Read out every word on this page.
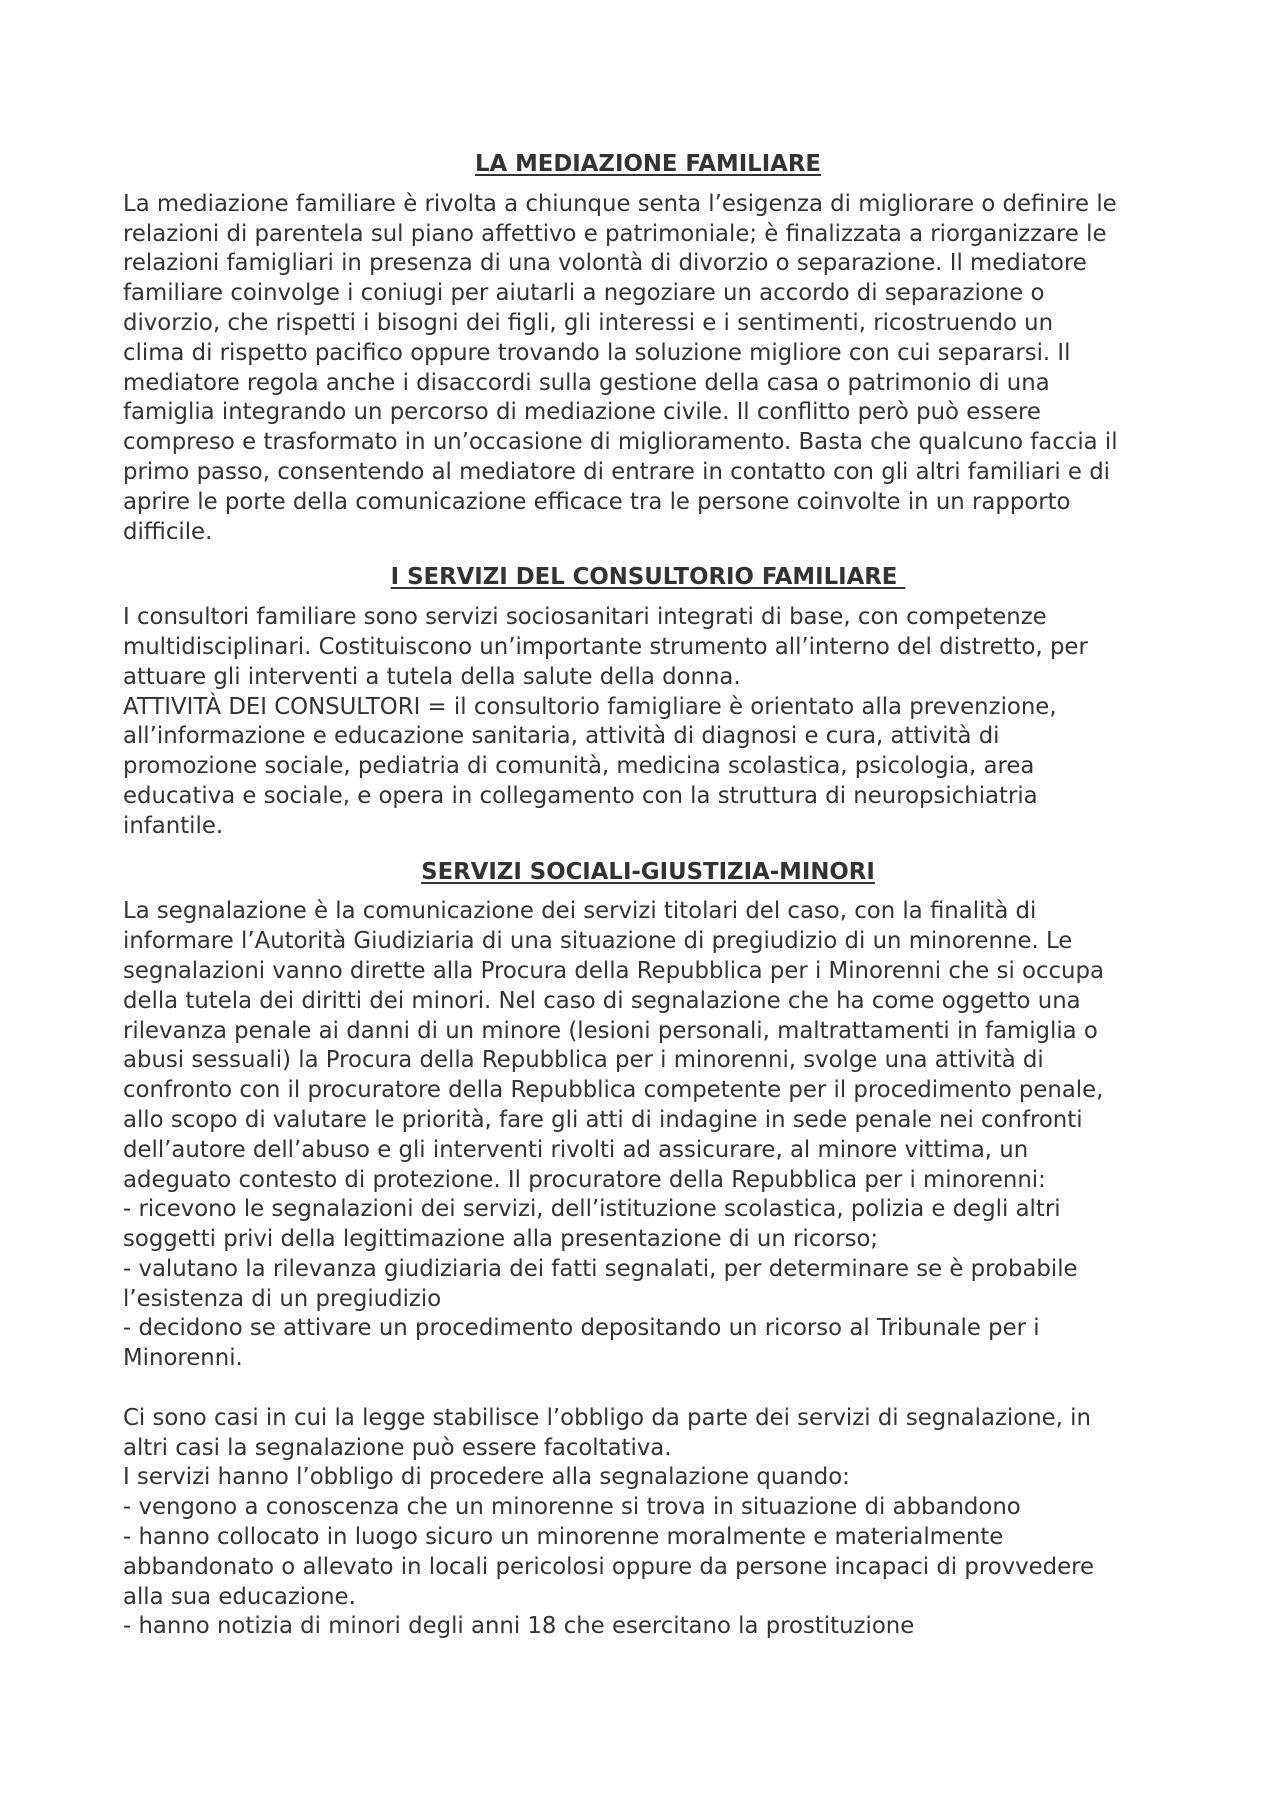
LA MEDIAZIONE FAMILIARE

La mediazione familiare è rivolta a chiunque senta l’esigenza di migliorare o definire le

relazioni di parentela sul piano affettivo e patrimoniale; è finalizzata a riorganizzare le

relazioni famigliari in presenza di una volontà di divorzio o separazione. Il mediatore

familiare coinvolge i coniugi per aiutarli a negoziare un accordo di separazione o

divorzio, che rispetti i bisogni dei figli, gli interessi e i sentimenti, ricostruendo un

clima di rispetto pacifico oppure trovando la soluzione migliore con cui separarsi. Il

mediatore regola anche i disaccordi sulla gestione della casa o patrimonio di una

famiglia integrando un percorso di mediazione civile. Il conflitto però può essere

compreso e trasformato in un’occasione di miglioramento. Basta che qualcuno faccia il

primo passo, consentendo al mediatore di entrare in contatto con gli altri familiari e di

aprire le porte della comunicazione efficace tra le persone coinvolte in un rapporto

difficile.

I SERVIZI DEL CONSULTORIO FAMILIARE

I consultori familiare sono servizi sociosanitari integrati di base, con competenze

multidisciplinari. Costituiscono un’importante strumento all’interno del distretto, per

attuare gli interventi a tutela della salute della donna.

ATTIVITÀ DEI CONSULTORI = il consultorio famigliare è orientato alla prevenzione,

all’informazione e educazione sanitaria, attività di diagnosi e cura, attività di

promozione sociale, pediatria di comunità, medicina scolastica, psicologia, area

educativa e sociale, e opera in collegamento con la struttura di neuropsichiatria

infantile.

SERVIZI SOCIALI-GIUSTIZIA-MINORI

La segnalazione è la comunicazione dei servizi titolari del caso, con la finalità di

informare l’Autorità Giudiziaria di una situazione di pregiudizio di un minorenne. Le

segnalazioni vanno dirette alla Procura della Repubblica per i Minorenni che si occupa

della tutela dei diritti dei minori. Nel caso di segnalazione che ha come oggetto una

rilevanza penale ai danni di un minore (lesioni personali, maltrattamenti in famiglia o

abusi sessuali) la Procura della Repubblica per i minorenni, svolge una attività di

confronto con il procuratore della Repubblica competente per il procedimento penale,

allo scopo di valutare le priorità, fare gli atti di indagine in sede penale nei confronti

dell’autore dell’abuso e gli interventi rivolti ad assicurare, al minore vittima, un

adeguato contesto di protezione. Il procuratore della Repubblica per i minorenni:

- ricevono le segnalazioni dei servizi, dell’istituzione scolastica, polizia e degli altri

soggetti privi della legittimazione alla presentazione di un ricorso;

- valutano la rilevanza giudiziaria dei fatti segnalati, per determinare se è probabile

l’esistenza di un pregiudizio

- decidono se attivare un procedimento depositando un ricorso al Tribunale per i

Minorenni.

Ci sono casi in cui la legge stabilisce l’obbligo da parte dei servizi di segnalazione, in

altri casi la segnalazione può essere facoltativa.

I servizi hanno l’obbligo di procedere alla segnalazione quando:

- vengono a conoscenza che un minorenne si trova in situazione di abbandono

- hanno collocato in luogo sicuro un minorenne moralmente e materialmente

abbandonato o allevato in locali pericolosi oppure da persone incapaci di provvedere

alla sua educazione.

- hanno notizia di minori degli anni 18 che esercitano la prostituzione
